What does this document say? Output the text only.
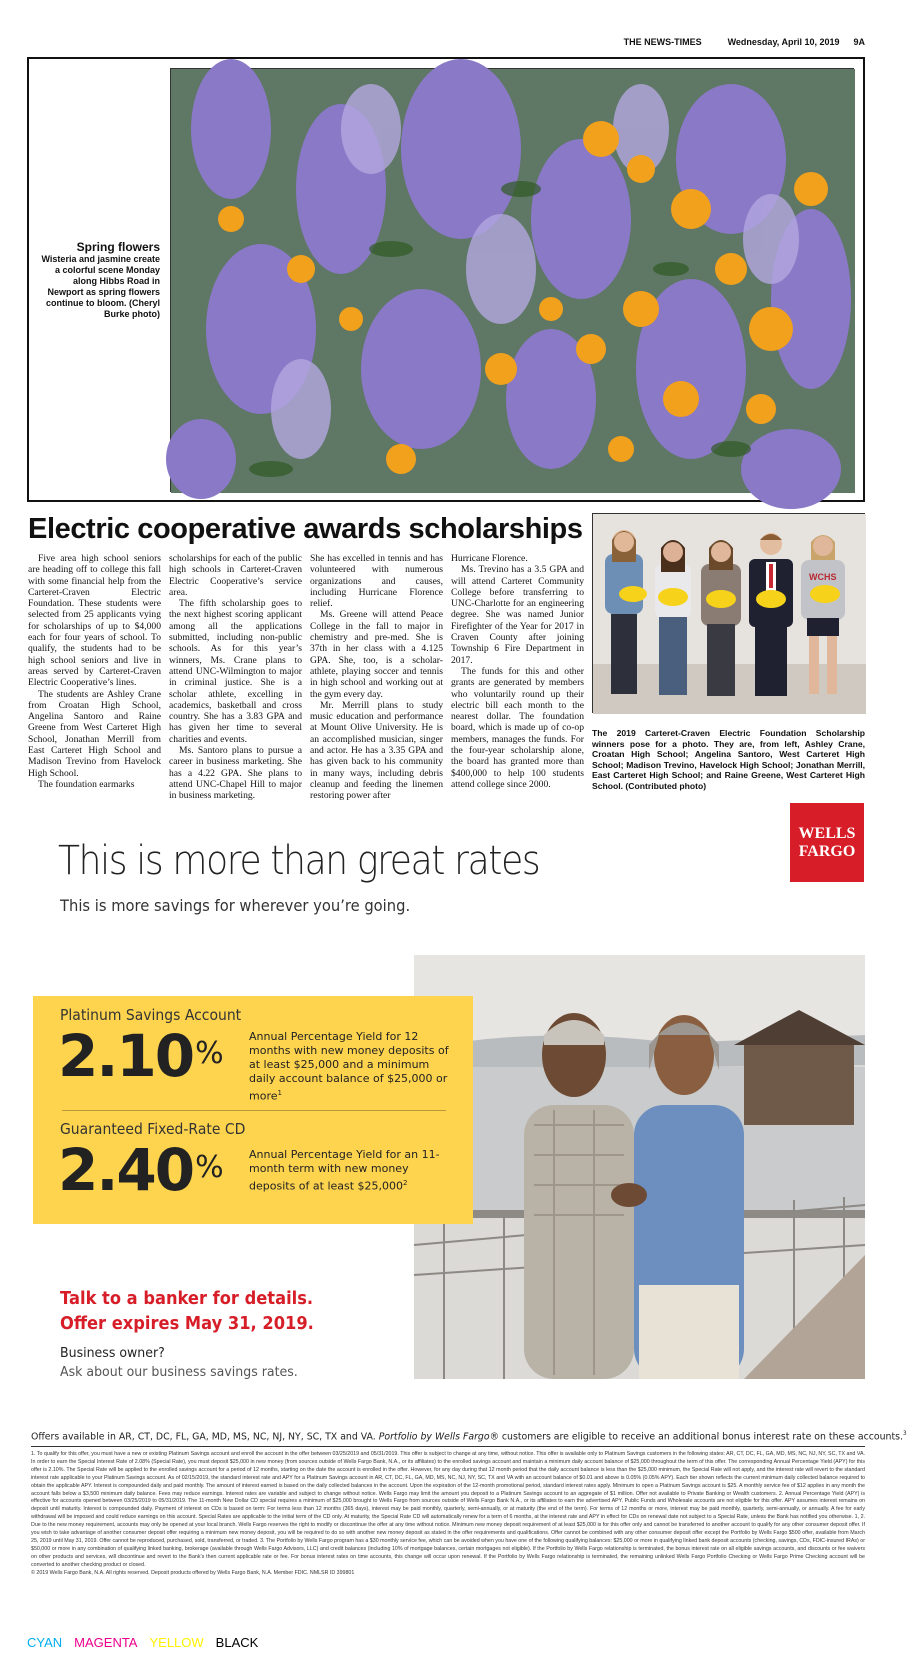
THE NEWS-TIMES	Wednesday, April 10, 2019 9A
Spring flowers
Wisteria and jasmine create a colorful scene Monday along Hibbs Road in Newport as spring flowers continue to bloom. (Cheryl Burke photo)
Electric cooperative awards scholarships

Five area high school seniors are heading off to college this fall with some financial help from the Carteret-Craven Electric Foundation. These students were selected from 25 applicants vying for scholarships of up to $4,000 each for four years of school. To qualify, the students had to be high school seniors and live in areas served by Carteret-Craven Electric Cooperative’s lines.

The students are Ashley Crane from Croatan High School, Angelina Santoro and Raine Greene from West Carteret High School, Jonathan Merrill from East Carteret High School and Madison Trevino from Havelock High School.

The foundation earmarks

scholarships for each of the public high schools in Carteret-Craven Electric Cooperative’s service area.

The fifth scholarship goes to the next highest scoring applicant among all the applications submitted, including non-public schools. As for this year’s winners, Ms. Crane plans to attend UNC-Wilmington to major in criminal justice. She is a scholar athlete, excelling in academics, basketball and cross country. She has a 3.83 GPA and has given her time to several charities and events.

Ms. Santoro plans to pursue a career in business marketing. She has a 4.22 GPA. She plans to attend UNC-Chapel Hill to major in business marketing.

She has excelled in tennis and has volunteered with numerous organizations and causes, including Hurricane Florence relief.

Ms. Greene will attend Peace College in the fall to major in chemistry and pre-med. She is 37th in her class with a 4.125 GPA. She, too, is a scholar-athlete, playing soccer and tennis in high school and working out at the gym every day.

Mr. Merrill plans to study music education and performance at Mount Olive University. He is an accomplished musician, singer and actor. He has a 3.35 GPA and has given back to his community in many ways, including debris cleanup and feeding the linemen restoring power after

Hurricane Florence.

Ms. Trevino has a 3.5 GPA and will attend Carteret Community College before transferring to UNC-Charlotte for an engineering degree. She was named Junior Firefighter of the Year for 2017 in Craven County after joining Township 6 Fire Department in 2017.

The funds for this and other grants are generated by members who voluntarily round up their electric bill each month to the nearest dollar. The foundation board, which is made up of co-op members, manages the funds. For the four-year scholarship alone, the board has granted more than $400,000 to help 100 students attend college since 2000.

WCHS
The 2019 Carteret-Craven Electric Foundation Scholarship winners pose for a photo. They are, from left, Ashley Crane, Croatan High School; Angelina Santoro, West Carteret High School; Madison Trevino, Havelock High School; Jonathan Merrill, East Carteret High School; and Raine Greene, West Carteret High School. (Contributed photo)
This is more than great rates
This is more savings for wherever you’re going.
WELLS
FARGO
Platinum Savings Account
2.10% Annual Percentage Yield for 12 months with new money deposits of at least $25,000 and a minimum daily account balance of $25,000 or more$^1$
Guaranteed Fixed-Rate CD
2.40% Annual Percentage Yield for an 11-month term with new money deposits of at least $25,000$^2$
Talk to a banker for details.
Offer expires May 31, 2019.
Business owner?
Ask about our business savings rates.
Offers available in AR, CT, DC, FL, GA, MD, MS, NC, NJ, NY, SC, TX and VA. Portfolio by Wells Fargo® customers are eligible to receive an additional bonus interest rate on these accounts.$^3$
1. To qualify for this offer, you must have a new or existing Platinum Savings account and enroll the account in the offer between 03/25/2019 and 05/31/2019. This offer is subject to change at any time, without notice. This offer is available only to Platinum Savings customers in the following states: AR, CT, DC, FL, GA, MD, MS, NC, NJ, NY, SC, TX and VA. In order to earn the Special Interest Rate of 2.08% (Special Rate), you must deposit $25,000 in new money (from sources outside of Wells Fargo Bank, N.A., or its affiliates) to the enrolled savings account and maintain a minimum daily account balance of $25,000 throughout the term of this offer. The corresponding Annual Percentage Yield (APY) for this offer is 2.10%. The Special Rate will be applied to the enrolled savings account for a period of 12 months, starting on the date the account is enrolled in the offer. However, for any day during that 12 month period that the daily account balance is less than the $25,000 minimum, the Special Rate will not apply, and the interest rate will revert to the standard interest rate applicable to your Platinum Savings account. As of 02/15/2019, the standard interest rate and APY for a Platinum Savings account in AR, CT, DC, FL, GA, MD, MS, NC, NJ, NY, SC, TX and VA with an account balance of $0.01 and above is 0.05% (0.05% APY). Each tier shown reflects the current minimum daily collected balance required to obtain the applicable APY. Interest is compounded daily and paid monthly. The amount of interest earned is based on the daily collected balances in the account. Upon the expiration of the 12-month promotional period, standard interest rates apply. Minimum to open a Platinum Savings account is $25. A monthly service fee of $12 applies in any month the account falls below a $3,500 minimum daily balance. Fees may reduce earnings. Interest rates are variable and subject to change without notice. Wells Fargo may limit the amount you deposit to a Platinum Savings account to an aggregate of $1 million. Offer not available to Private Banking or Wealth customers. 2. Annual Percentage Yield (APY) is effective for accounts opened between 03/25/2019 to 05/31/2019. The 11-month New Dollar CD special requires a minimum of $25,000 brought to Wells Fargo from sources outside of Wells Fargo Bank N.A., or its affiliates to earn the advertised APY. Public Funds and Wholesale accounts are not eligible for this offer. APY assumes interest remains on deposit until maturity. Interest is compounded daily. Payment of interest on CDs is based on term: For terms less than 12 months (365 days), interest may be paid monthly, quarterly, semi-annually, or at maturity (the end of the term). For terms of 12 months or more, interest may be paid monthly, quarterly, semi-annually, or annually. A fee for early withdrawal will be imposed and could reduce earnings on this account. Special Rates are applicable to the initial term of the CD only. At maturity, the Special Rate CD will automatically renew for a term of 6 months, at the interest rate and APY in effect for CDs on renewal date not subject to a Special Rate, unless the Bank has notified you otherwise. 1, 2. Due to the new money requirement, accounts may only be opened at your local branch. Wells Fargo reserves the right to modify or discontinue the offer at any time without notice. Minimum new money deposit requirement of at least $25,000 is for this offer only and cannot be transferred to another account to qualify for any other consumer deposit offer. If you wish to take advantage of another consumer deposit offer requiring a minimum new money deposit, you will be required to do so with another new money deposit as stated in the offer requirements and qualifications. Offer cannot be combined with any other consumer deposit offer except the Portfolio by Wells Fargo $500 offer, available from March 25, 2019 until May 31, 2019. Offer cannot be reproduced, purchased, sold, transferred, or traded. 3. The Portfolio by Wells Fargo program has a $30 monthly service fee, which can be avoided when you have one of the following qualifying balances: $25,000 or more in qualifying linked bank deposit accounts (checking, savings, CDs, FDIC-insured IRAs) or $50,000 or more in any combination of qualifying linked banking, brokerage (available through Wells Fargo Advisors, LLC) and credit balances (including 10% of mortgage balances, certain mortgages not eligible). If the Portfolio by Wells Fargo relationship is terminated, the bonus interest rate on all eligible savings accounts, and discounts or fee waivers on other products and services, will discontinue and revert to the Bank’s then current applicable rate or fee. For bonus interest rates on time accounts, this change will occur upon renewal. If the Portfolio by Wells Fargo relationship is terminated, the remaining unlinked Wells Fargo Portfolio Checking or Wells Fargo Prime Checking account will be converted to another checking product or closed.
© 2019 Wells Fargo Bank, N.A. All rights reserved. Deposit products offered by Wells Fargo Bank, N.A. Member FDIC. NMLSR ID 399801
CYAN MAGENTA YELLOW BLACK
